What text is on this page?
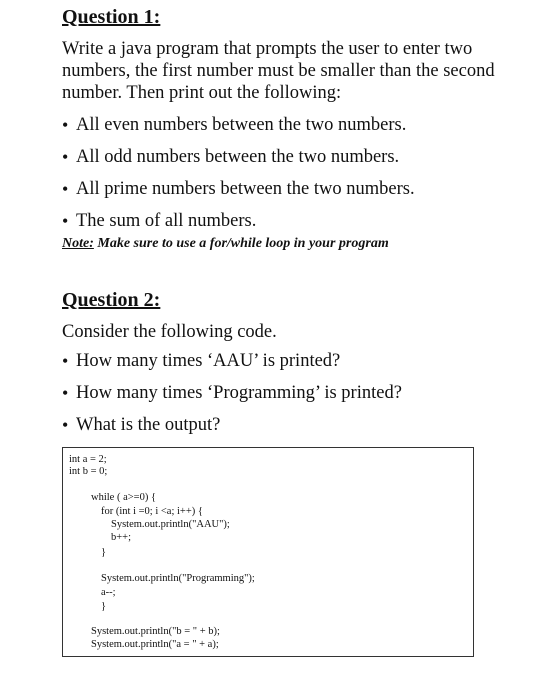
Question 1:

Write a java program that prompts the user to enter two numbers, the first number must be smaller than the second number. Then print out the following:

• All even numbers between the two numbers.
• All odd numbers between the two numbers.
• All prime numbers between the two numbers.
• The sum of all numbers.
Note: Make sure to use a for/while loop in your program
Question 2:

Consider the following code.

• How many times ‘AAU’ is printed?
• How many times ‘Programming’ is printed?
• What is the output?
int a = 2;
int b = 0;
while ( a>=0) {
for (int i =0; i <a; i++) {
System.out.println("AAU");
b++;
}
System.out.println("Programming");
a--;
}
System.out.println("b = " + b);
System.out.println("a = " + a);
